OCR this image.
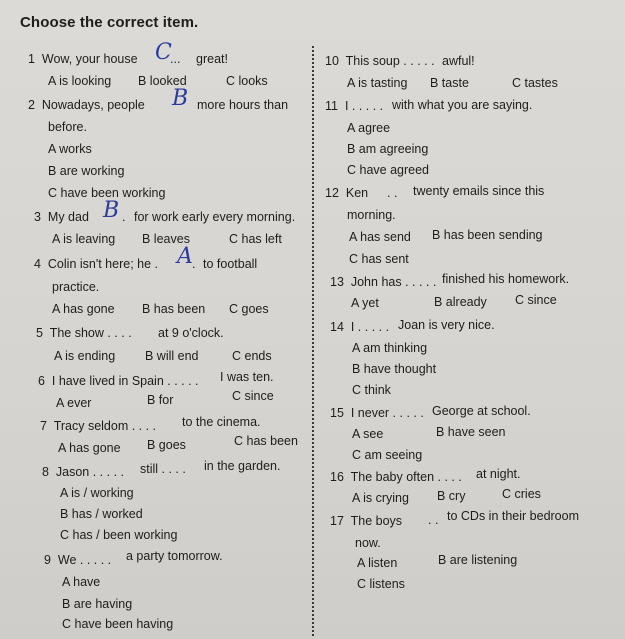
Choose the correct item.
1 Wow, your house C
... great!
A is looking B looked	C looks
2 Nowadays, people B more hours than
before.
A works
B are working
C have been working
3 My dad B . for work early every morning.
A is leaving B leaves	C has left
4 Colin isn't here; he . A . to football
practice.
A has gone B has been C goes
5 The show . . . . at 9 o'clock.
A is ending B will end	C ends
6 I have lived in Spain . . . . . I was ten.
A ever	B for	C since
7 Tracy seldom . . . . to the cinema.
A has gone B goes	C has been
8 Jason . . . . . still . . . . in the garden.
A is / working
B has / worked
C has / been working
9 We . . . . . a party tomorrow.
A have
B are having
C have been having
10 This soup . . . . . awful!
A is tasting B taste	C tastes
11 I . . . . . with what you are saying.
A agree
B am agreeing
C have agreed
12 Ken . . twenty emails since this
morning.
A has send B has been sending
C has sent
13 John has . . . . . finished his homework.
A yet	B already C since
14 I . . . . . Joan is very nice.
A am thinking
B have thought
C think
15 I never . . . . . George at school.
A see	B have seen
C am seeing
16 The baby often . . . . at night.
A is crying B cry	C cries
17 The boys . . to CDs in their bedroom
now.
A listen	B are listening
C listens
